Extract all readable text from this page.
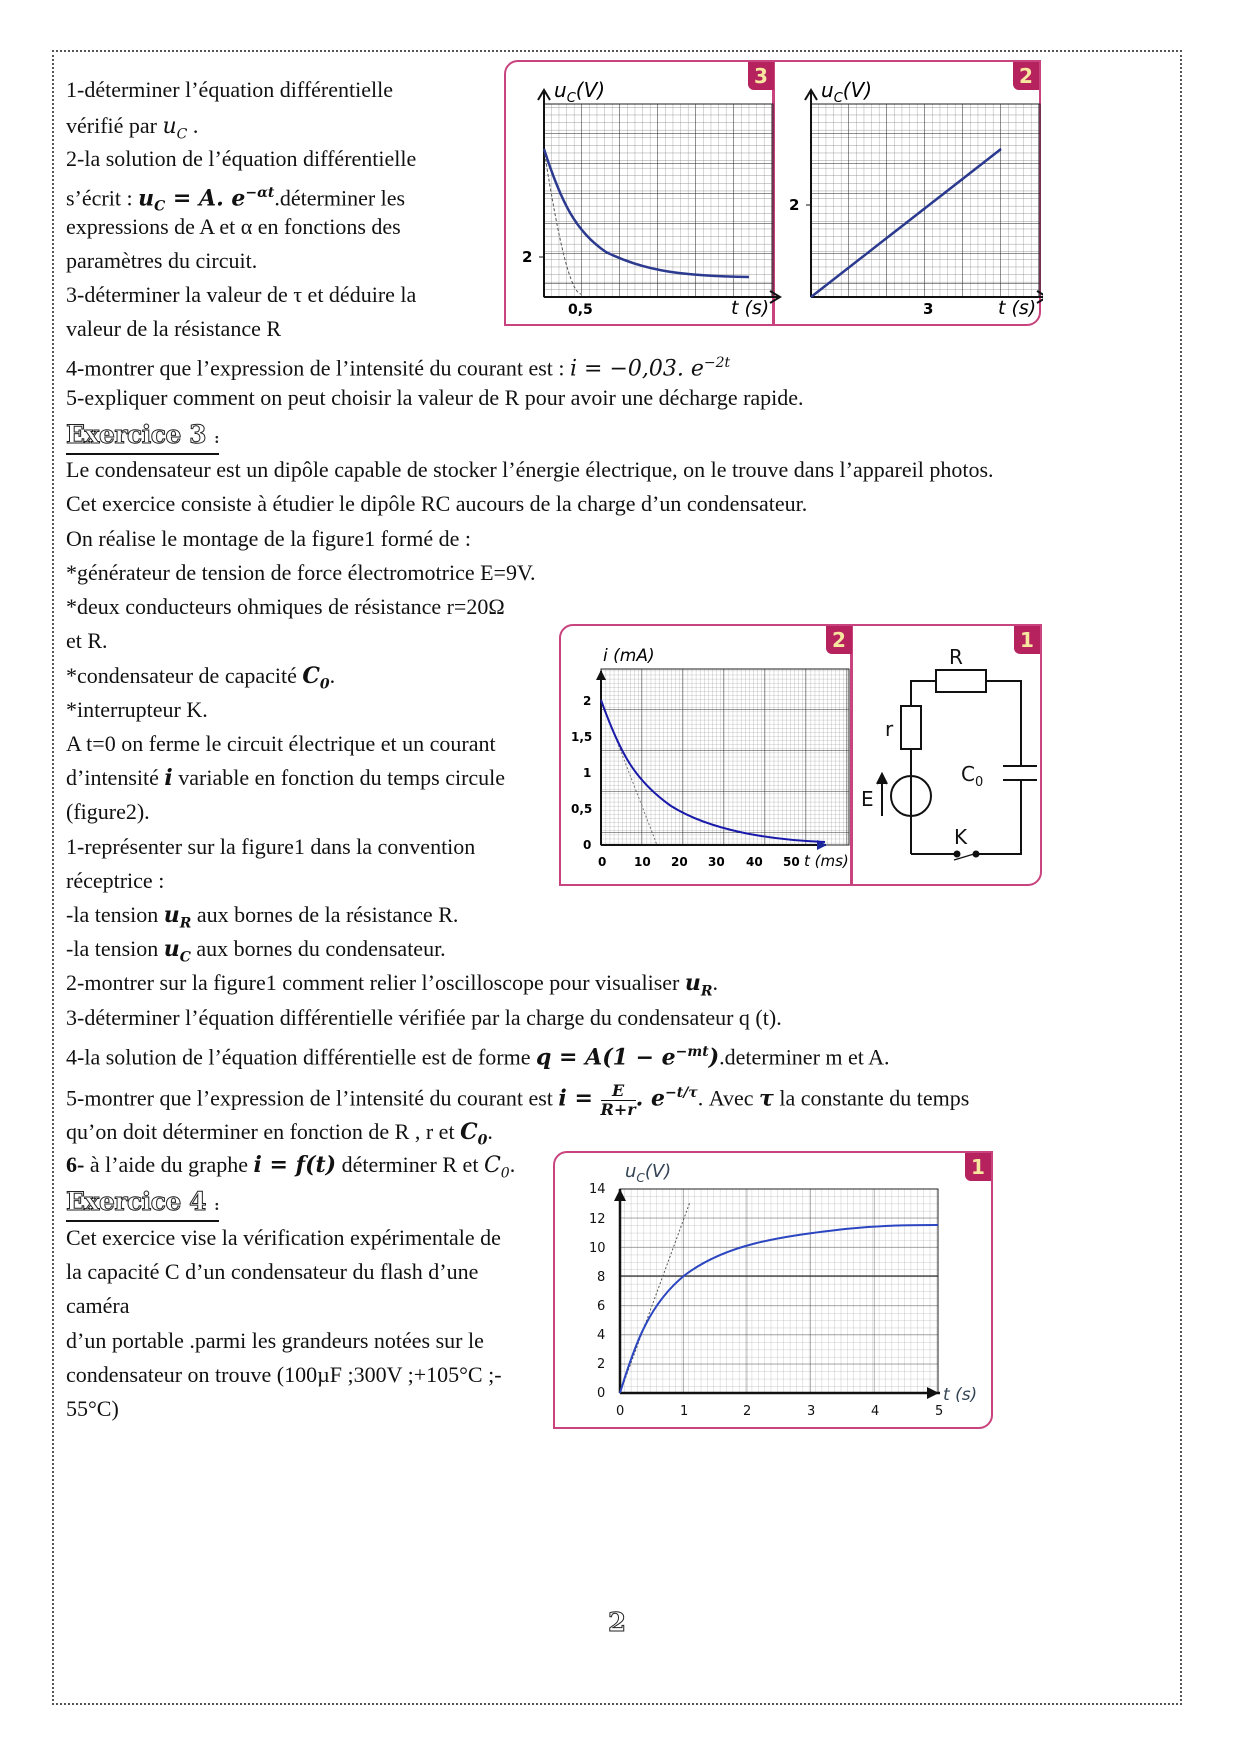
1-déterminer l’équation différentielle
vérifié par $u_C$ .
2-la solution de l’équation différentielle
s’écrit : $u_C = A$. $e^{-\alpha t}.déterminer$ les
expressions de A et α en fonctions des
paramètres du circuit.
3-déterminer la valeur de τ et déduire la
valeur de la résistance R
4-montrer que l’expression de l’intensité du courant est : i = −0,03. $e^{-2t}$
5-expliquer comment on peut choisir la valeur de R pour avoir une décharge rapide.
3	2
2
0,5
$u_C(V)$
t (s)
2
3
$u_C(V)$
t (s)
Exercice 3 :
Le condensateur est un dipôle capable de stocker l’énergie électrique, on le trouve dans l’appareil photos.
Cet exercice consiste à étudier le dipôle RC aucours de la charge d’un condensateur.
On réalise le montage de la figure1 formé de :
*générateur de tension de force électromotrice E=9V.
*deux conducteurs ohmiques de résistance r=20Ω
et R.
*condensateur de capacité $C_0$.
*interrupteur K.
A t=0 on ferme le circuit électrique et un courant
d’intensité i variable en fonction du temps circule
(figure2).
1-représenter sur la figure1 dans la convention
réceptrice :
-la tension $u_R$ aux bornes de la résistance R.
-la tension $u_C$ aux bornes du condensateur.
2-montrer sur la figure1 comment relier l’oscilloscope pour visualiser $u_R$.
3-déterminer l’équation différentielle vérifiée par la charge du condensateur q (t).
4-la solution de l’équation différentielle est de forme $q = A(1 - e^{-mt}).determiner$ m et A.
5-montrer que l’expression de l’intensité du courant est $i = \frac{E}{R+r}$ . $e^{-t/\tau}$. Avec τ la constante du temps
qu’on doit déterminer en fonction de R , r et $C_0$.
6- à l’aide du graphe i = f(t) déterminer R et $C_0$.
2	1
2
1,5
1
0,5
0
0 10 20 30 40 50 t (ms)
i (mA)	R
r
E
$C_0$
K
Exercice 4 :
Cet exercice vise la vérification expérimentale de
la capacité C d’un condensateur du flash d’une
caméra
d’un portable .parmi les grandeurs notées sur le
condensateur on trouve (100µF ;300V ;+105°C ;-
55°C)
1
14
12
10
8
6
4
2
0
0	1	2	3	4	5
$u_C(V)$
t (s)
2
